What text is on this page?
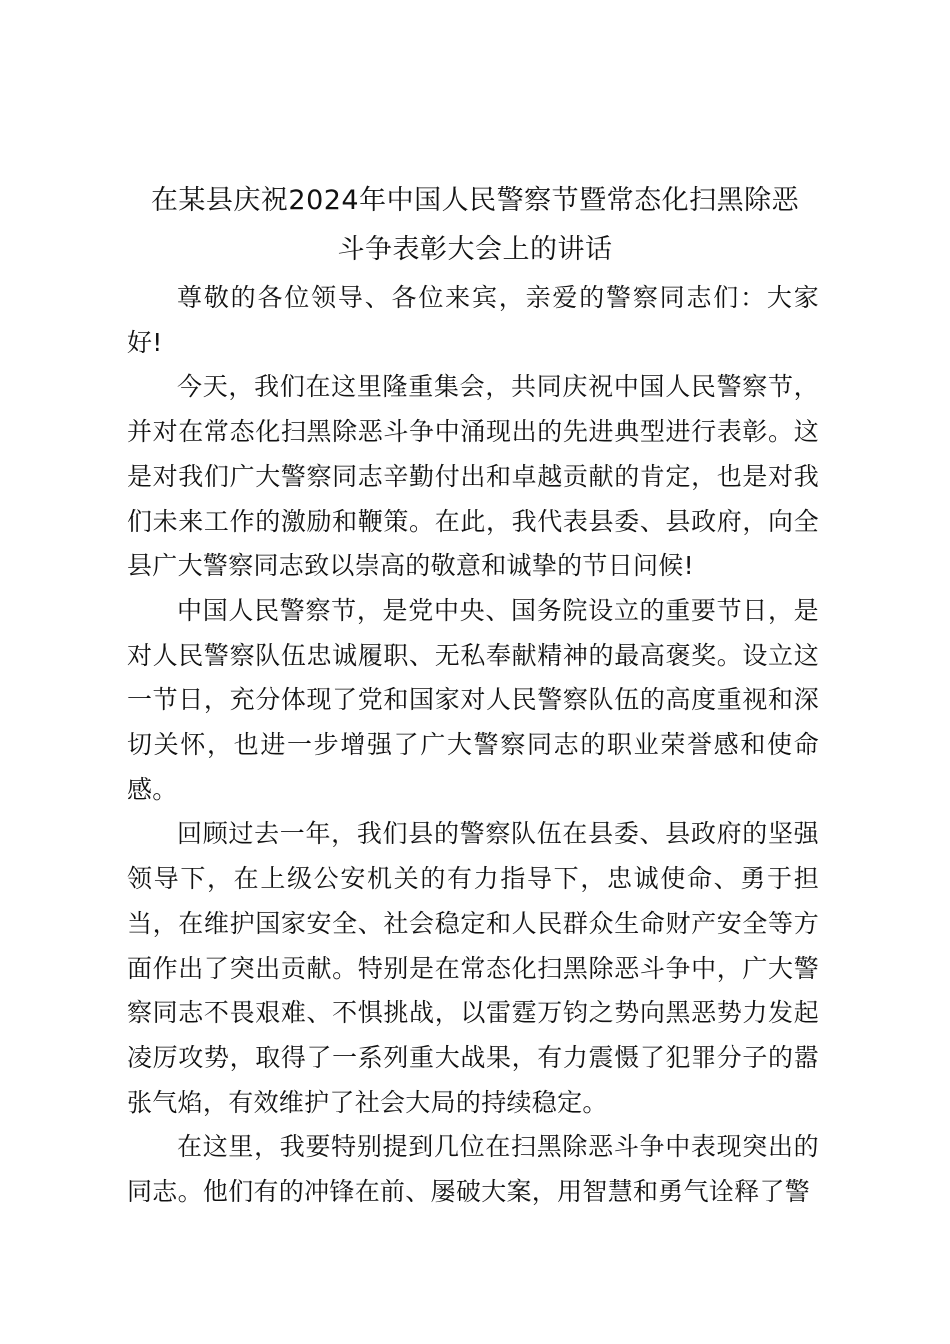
在某县庆祝2024年中国人民警察节暨常态化扫黑除恶
斗争表彰大会上的讲话

尊敬的各位领导、各位来宾，亲爱的警察同志们：大家好!

今天，我们在这里隆重集会，共同庆祝中国人民警察节，并对在常态化扫黑除恶斗争中涌现出的先进典型进行表彰。这是对我们广大警察同志辛勤付出和卓越贡献的肯定，也是对我们未来工作的激励和鞭策。在此，我代表县委、县政府，向全县广大警察同志致以崇高的敬意和诚挚的节日问候!

中国人民警察节，是党中央、国务院设立的重要节日，是对人民警察队伍忠诚履职、无私奉献精神的最高褒奖。设立这一节日，充分体现了党和国家对人民警察队伍的高度重视和深切关怀，也进一步增强了广大警察同志的职业荣誉感和使命感。

回顾过去一年，我们县的警察队伍在县委、县政府的坚强领导下，在上级公安机关的有力指导下，忠诚使命、勇于担当，在维护国家安全、社会稳定和人民群众生命财产安全等方面作出了突出贡献。特别是在常态化扫黑除恶斗争中，广大警察同志不畏艰难、不惧挑战，以雷霆万钧之势向黑恶势力发起凌厉攻势，取得了一系列重大战果，有力震慑了犯罪分子的嚣张气焰，有效维护了社会大局的持续稳定。

在这里，我要特别提到几位在扫黑除恶斗争中表现突出的同志。他们有的冲锋在前、屡破大案，用智慧和勇气诠释了警
